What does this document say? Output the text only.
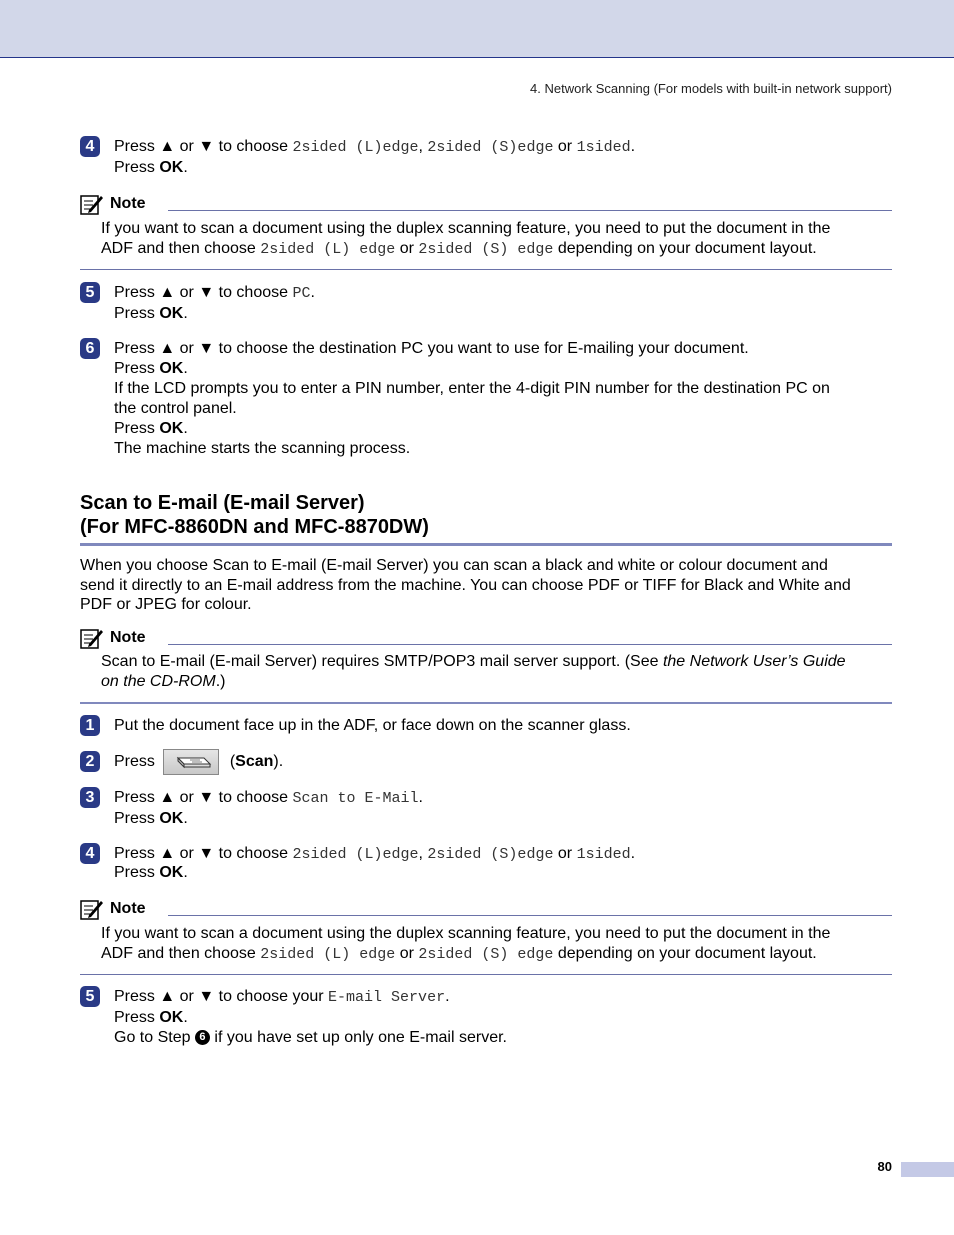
4. Network Scanning (For models with built-in network support)
4	Press ▲ or ▼ to choose 2sided (L)edge, 2sided (S)edge or 1sided.
Press OK.
Note
If you want to scan a document using the duplex scanning feature, you need to put the document in the
ADF and then choose 2sided (L) edge or 2sided (S) edge depending on your document layout.
5	Press ▲ or ▼ to choose PC.
Press OK.
6	Press ▲ or ▼ to choose the destination PC you want to use for E-mailing your document.
Press OK.
If the LCD prompts you to enter a PIN number, enter the 4-digit PIN number for the destination PC on
the control panel.
Press OK.
The machine starts the scanning process.
Scan to E-mail (E-mail Server)
(For MFC-8860DN and MFC-8870DW)
When you choose Scan to E-mail (E-mail Server) you can scan a black and white or colour document and
send it directly to an E-mail address from the machine. You can choose PDF or TIFF for Black and White and
PDF or JPEG for colour.
Note
Scan to E-mail (E-mail Server) requires SMTP/POP3 mail server support. (See the Network User’s Guide
on the CD-ROM.)
1	Put the document face up in the ADF, or face down on the scanner glass.
2	Press	(Scan).
3	Press ▲ or ▼ to choose Scan to E-Mail.
Press OK.
4	Press ▲ or ▼ to choose 2sided (L)edge, 2sided (S)edge or 1sided.
Press OK.
Note
If you want to scan a document using the duplex scanning feature, you need to put the document in the
ADF and then choose 2sided (L) edge or 2sided (S) edge depending on your document layout.
5	Press ▲ or ▼ to choose your E-mail Server.
Press OK.
Go to Step 6 if you have set up only one E-mail server.
80
